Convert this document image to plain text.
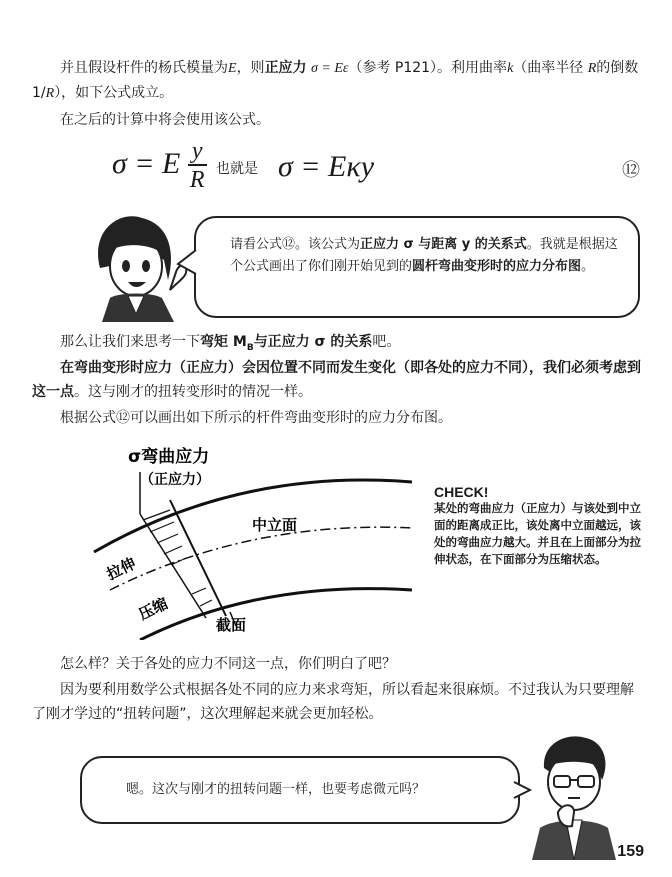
并且假设杆件的杨氏模量为E，则正应力 σ = Eε（参考 P121）。利用曲率k（曲率半径 R的倒数 1/R），如下公式成立。

在之后的计算中将会使用该公式。

σ = E $\frac{y}{R}$ 也就是 σ = Eκy	⑫

请看公式⑫。该公式为正应力 σ 与距离 y 的关系式。我就是根据这个公式画出了你们刚开始见到的圆杆弯曲变形时的应力分布图。

那么让我们来思考一下弯矩 $M_B$与正应力 σ 的关系吧。

在弯曲变形时应力（正应力）会因位置不同而发生变化（即各处的应力不同），我们必须考虑到这一点。这与刚才的扭转变形时的情况一样。

根据公式⑫可以画出如下所示的杆件弯曲变形时的应力分布图。

σ弯曲应力
（正应力）
中立面
拉伸
压缩
截面
CHECK!

某处的弯曲应力（正应力）与该处到中立面的距离成正比，该处离中立面越远，该处的弯曲应力越大。并且在上面部分为拉伸状态，在下面部分为压缩状态。

怎么样？关于各处的应力不同这一点，你们明白了吧？

因为要利用数学公式根据各处不同的应力来求弯矩，所以看起来很麻烦。不过我认为只要理解了刚才学过的“扭转问题”，这次理解起来就会更加轻松。

嗯。这次与刚才的扭转问题一样，也要考虑微元吗？

159
